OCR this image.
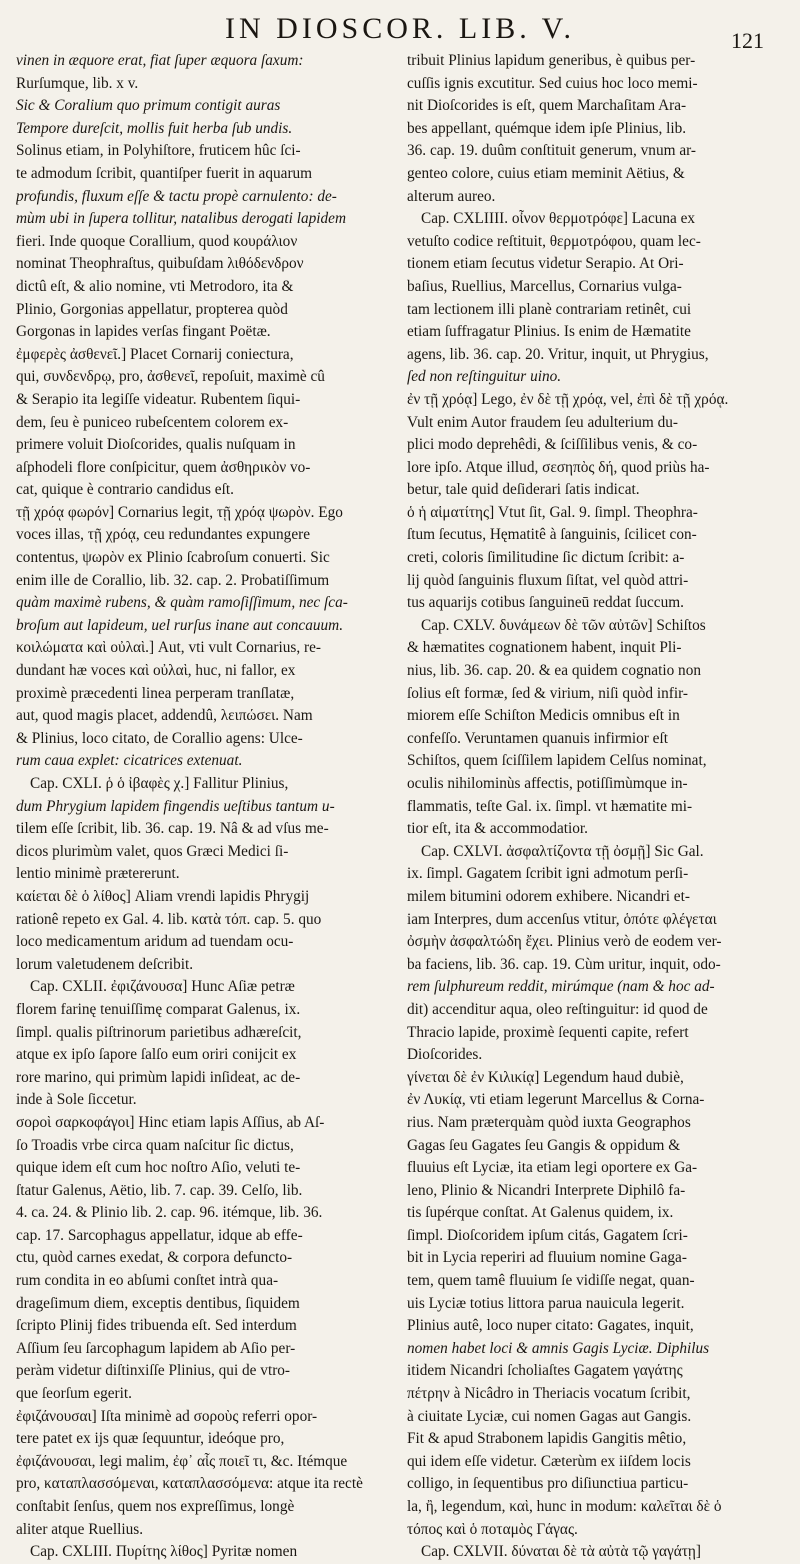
IN DIOSCOR. LIB. V.	121
vinen in æquore erat, fiat ſuper æquora ſaxum:
Rurſumque, lib. x v.
Sic & Coralium quo primum contigit auras
Tempore dureſcit, mollis fuit herba ſub undis.
Solinus etiam, in Polyhiſtore, fruticem hûc ſci-
te admodum ſcribit, quantiſper fuerit in aquarum
profundis, fluxum eſſe & tactu propè carnulento: de-
mùm ubi in ſupera tollitur, natalibus derogati lapidem
fieri. Inde quoque Corallium, quod κουράλιον
nominat Theophraſtus, quibuſdam λιθόδενδρον
dictû eſt, & alio nomine, vti Metrodoro, ita &
Plinio, Gorgonias appellatur, propterea quòd
Gorgonas in lapides verſas fingant Poëtæ.
ἐμφερὲς ἀσθενεῖ.] Placet Cornarij coniectura,
qui, συνδενδρῳ, pro, ἀσθενεῖ, repoſuit, maximè cû
& Serapio ita legiſſe videatur. Rubentem ſiqui-
dem, ſeu è puniceo rubeſcentem colorem ex-
primere voluit Dioſcorides, qualis nuſquam in
aſphodeli flore conſpicitur, quem ἀσθηρικὸν vo-
cat, quique è contrario candidus eſt.
τῇ χρόᾳ φωρόν] Cornarius legit, τῇ χρόᾳ ψωρὸν. Ego
voces illas, τῇ χρόᾳ, ceu redundantes expungere
contentus, ψωρὸν ex Plinio ſcabroſum conuerti. Sic
enim ille de Corallio, lib. 32. cap. 2. Probatiſſimum
quàm maximè rubens, & quàm ramoſiſſimum, nec ſca-
broſum aut lapideum, uel rurſus inane aut concauum.
κοιλώματα καὶ οὐλαὶ.] Aut, vti vult Cornarius, re-
dundant hæ voces καὶ οὐλαὶ, huc, ni fallor, ex
proximè præcedenti linea perperam tranſlatæ,
aut, quod magis placet, addendû, λειπώσει. Nam
& Plinius, loco citato, de Corallio agens: Ulce-
rum caua explet: cicatrices extenuat.
Cap. CXLI. ῥ ὁ ἰβαφὲς χ.] Fallitur Plinius,
dum Phrygium lapidem fingendis ueſtibus tantum u-
tilem eſſe ſcribit, lib. 36. cap. 19. Nâ & ad vſus me-
dicos plurimùm valet, quos Græci Medici ſi-
lentio minimè prætererunt.
καίεται δὲ ὁ λίθος] Aliam vrendi lapidis Phrygij
rationê repeto ex Gal. 4. lib. κατὰ τόπ. cap. 5. quo
loco medicamentum aridum ad tuendam ocu-
lorum valetudenem deſcribit.
Cap. CXLII. ἐφιζάνουσα] Hunc Aſiæ petræ
florem farinę tenuiſſimę comparat Galenus, ix.
ſimpl. qualis piſtrinorum parietibus adhæreſcit,
atque ex ipſo ſapore ſalſo eum oriri conijcit ex
rore marino, qui primùm lapidi inſideat, ac de-
inde à Sole ſiccetur.
σοροὶ σαρκοφάγοι] Hinc etiam lapis Aſſius, ab Aſ-
ſo Troadis vrbe circa quam naſcitur ſic dictus,
quique idem eſt cum hoc noſtro Aſio, veluti te-
ſtatur Galenus, Aëtio, lib. 7. cap. 39. Celſo, lib.
4. ca. 24. & Plinio lib. 2. cap. 96. itémque, lib. 36.
cap. 17. Sarcophagus appellatur, idque ab effe-
ctu, quòd carnes exedat, & corpora defuncto-
rum condita in eo abſumi conſtet intrà qua-
drageſimum diem, exceptis dentibus, ſiquidem
ſcripto Plinij fides tribuenda eſt. Sed interdum
Aſſium ſeu ſarcophagum lapidem ab Aſio per-
peràm videtur diſtinxiſſe Plinius, qui de vtro-
que ſeorſum egerit.
ἐφιζάνουσαι] Iſta minimè ad σοροὺς referri opor-
tere patet ex ijs quæ ſequuntur, ideóque pro,
ἐφιζάνουσαι, legi malim, ἐφ᾽ αἷς ποιεῖ τι, &c. Itémque
pro, καταπλασσόμεναι, καταπλασσόμενα: atque ita rectè
conſtabit ſenſus, quem nos expreſſimus, longè
aliter atque Ruellius.
Cap. CXLIII. Πυρίτης λίθος] Pyritæ nomen
tribuit Plinius lapidum generibus, è quibus per-
cuſſis ignis excutitur. Sed cuius hoc loco memi-
nit Dioſcorides is eſt, quem Marchaſitam Ara-
bes appellant, quémque idem ipſe Plinius, lib.
36. cap. 19. duûm conſtituit generum, vnum ar-
genteo colore, cuius etiam meminit Aëtius, &
alterum aureo.
Cap. CXLIIII. οἶνον θερμοτρόφε] Lacuna ex
vetuſto codice reſtituit, θερμοτρόφου, quam lec-
tionem etiam ſecutus videtur Serapio. At Ori-
baſius, Ruellius, Marcellus, Cornarius vulga-
tam lectionem illi planè contrariam retinêt, cui
etiam ſuffragatur Plinius. Is enim de Hæmatite
agens, lib. 36. cap. 20. Vritur, inquit, ut Phrygius,
ſed non reſtinguitur uino.
ἐν τῇ χρόᾳ] Lego, ἐν δὲ τῇ χρόᾳ, vel, ἐπὶ δὲ τῇ χρόᾳ.
Vult enim Autor fraudem ſeu adulterium du-
plici modo deprehêdi, & ſciſſilibus venis, & co-
lore ipſo. Atque illud, σεσηπὸς δή, quod priùs ha-
betur, tale quid deſiderari ſatis indicat.
ὁ ἡ αἱματίτης] Vtut ſit, Gal. 9. ſimpl. Theophra-
ſtum ſecutus, Hęmatitê à ſanguinis, ſcilicet con-
creti, coloris ſimilitudine ſic dictum ſcribit: a-
lij quòd ſanguinis fluxum ſiſtat, vel quòd attri-
tus aquarijs cotibus ſanguineū reddat ſuccum.
Cap. CXLV. δυνάμεων δὲ τῶν αὐτῶν] Schiſtos
& hæmatites cognationem habent, inquit Pli-
nius, lib. 36. cap. 20. & ea quidem cognatio non
ſolius eſt formæ, ſed & virium, niſi quòd infir-
miorem eſſe Schiſton Medicis omnibus eſt in
confeſſo. Veruntamen quanuis infirmior eſt
Schiſtos, quem ſciſſilem lapidem Celſus nominat,
oculis nihilominùs affectis, potiſſimùmque in-
flammatis, teſte Gal. ix. ſimpl. vt hæmatite mi-
tior eſt, ita & accommodatior.
Cap. CXLVI. ἀσφαλτίζοντα τῇ ὀσμῇ] Sic Gal.
ix. ſimpl. Gagatem ſcribit igni admotum perſi-
milem bitumini odorem exhibere. Nicandri et-
iam Interpres, dum accenſus vtitur, ὁπότε φλέγεται
ὀσμὴν ἀσφαλτώδη ἔχει. Plinius verò de eodem ver-
ba faciens, lib. 36. cap. 19. Cùm uritur, inquit, odo-
rem ſulphureum reddit, mirúmque (nam & hoc ad-
dit) accenditur aqua, oleo reſtinguitur: id quod de
Thracio lapide, proximè ſequenti capite, refert
Dioſcorides.
γίνεται δὲ ἐν Κιλικίᾳ] Legendum haud dubiè,
ἐν Λυκίᾳ, vti etiam legerunt Marcellus & Corna-
rius. Nam præterquàm quòd iuxta Geographos
Gagas ſeu Gagates ſeu Gangis & oppidum &
fluuius eſt Lyciæ, ita etiam legi oportere ex Ga-
leno, Plinio & Nicandri Interprete Diphilô fa-
tis ſupérque conſtat. At Galenus quidem, ix.
ſimpl. Dioſcoridem ipſum citás, Gagatem ſcri-
bit in Lycia reperiri ad fluuium nomine Gaga-
tem, quem tamê fluuium ſe vidiſſe negat, quan-
uis Lyciæ totius littora parua nauicula legerit.
Plinius autê, loco nuper citato: Gagates, inquit,
nomen habet loci & amnis Gagis Lyciæ. Diphilus
itidem Nicandri ſcholiaſtes Gagatem γαγάτης
πέτρην à Nicâdro in Theriacis vocatum ſcribit,
à ciuitate Lyciæ, cui nomen Gagas aut Gangis.
Fit & apud Strabonem lapidis Gangitis mêtio,
qui idem eſſe videtur. Cæterùm ex iiſdem locis
colligo, in ſequentibus pro diſiunctiua particu-
la, ἢ, legendum, καὶ, hunc in modum: καλεῖται δὲ ὁ
τόπος καὶ ὁ ποταμὸς Γάγας.
Cap. CXLVII. δύναται δὲ τὰ αὐτὰ τῷ γαγάτῃ]
